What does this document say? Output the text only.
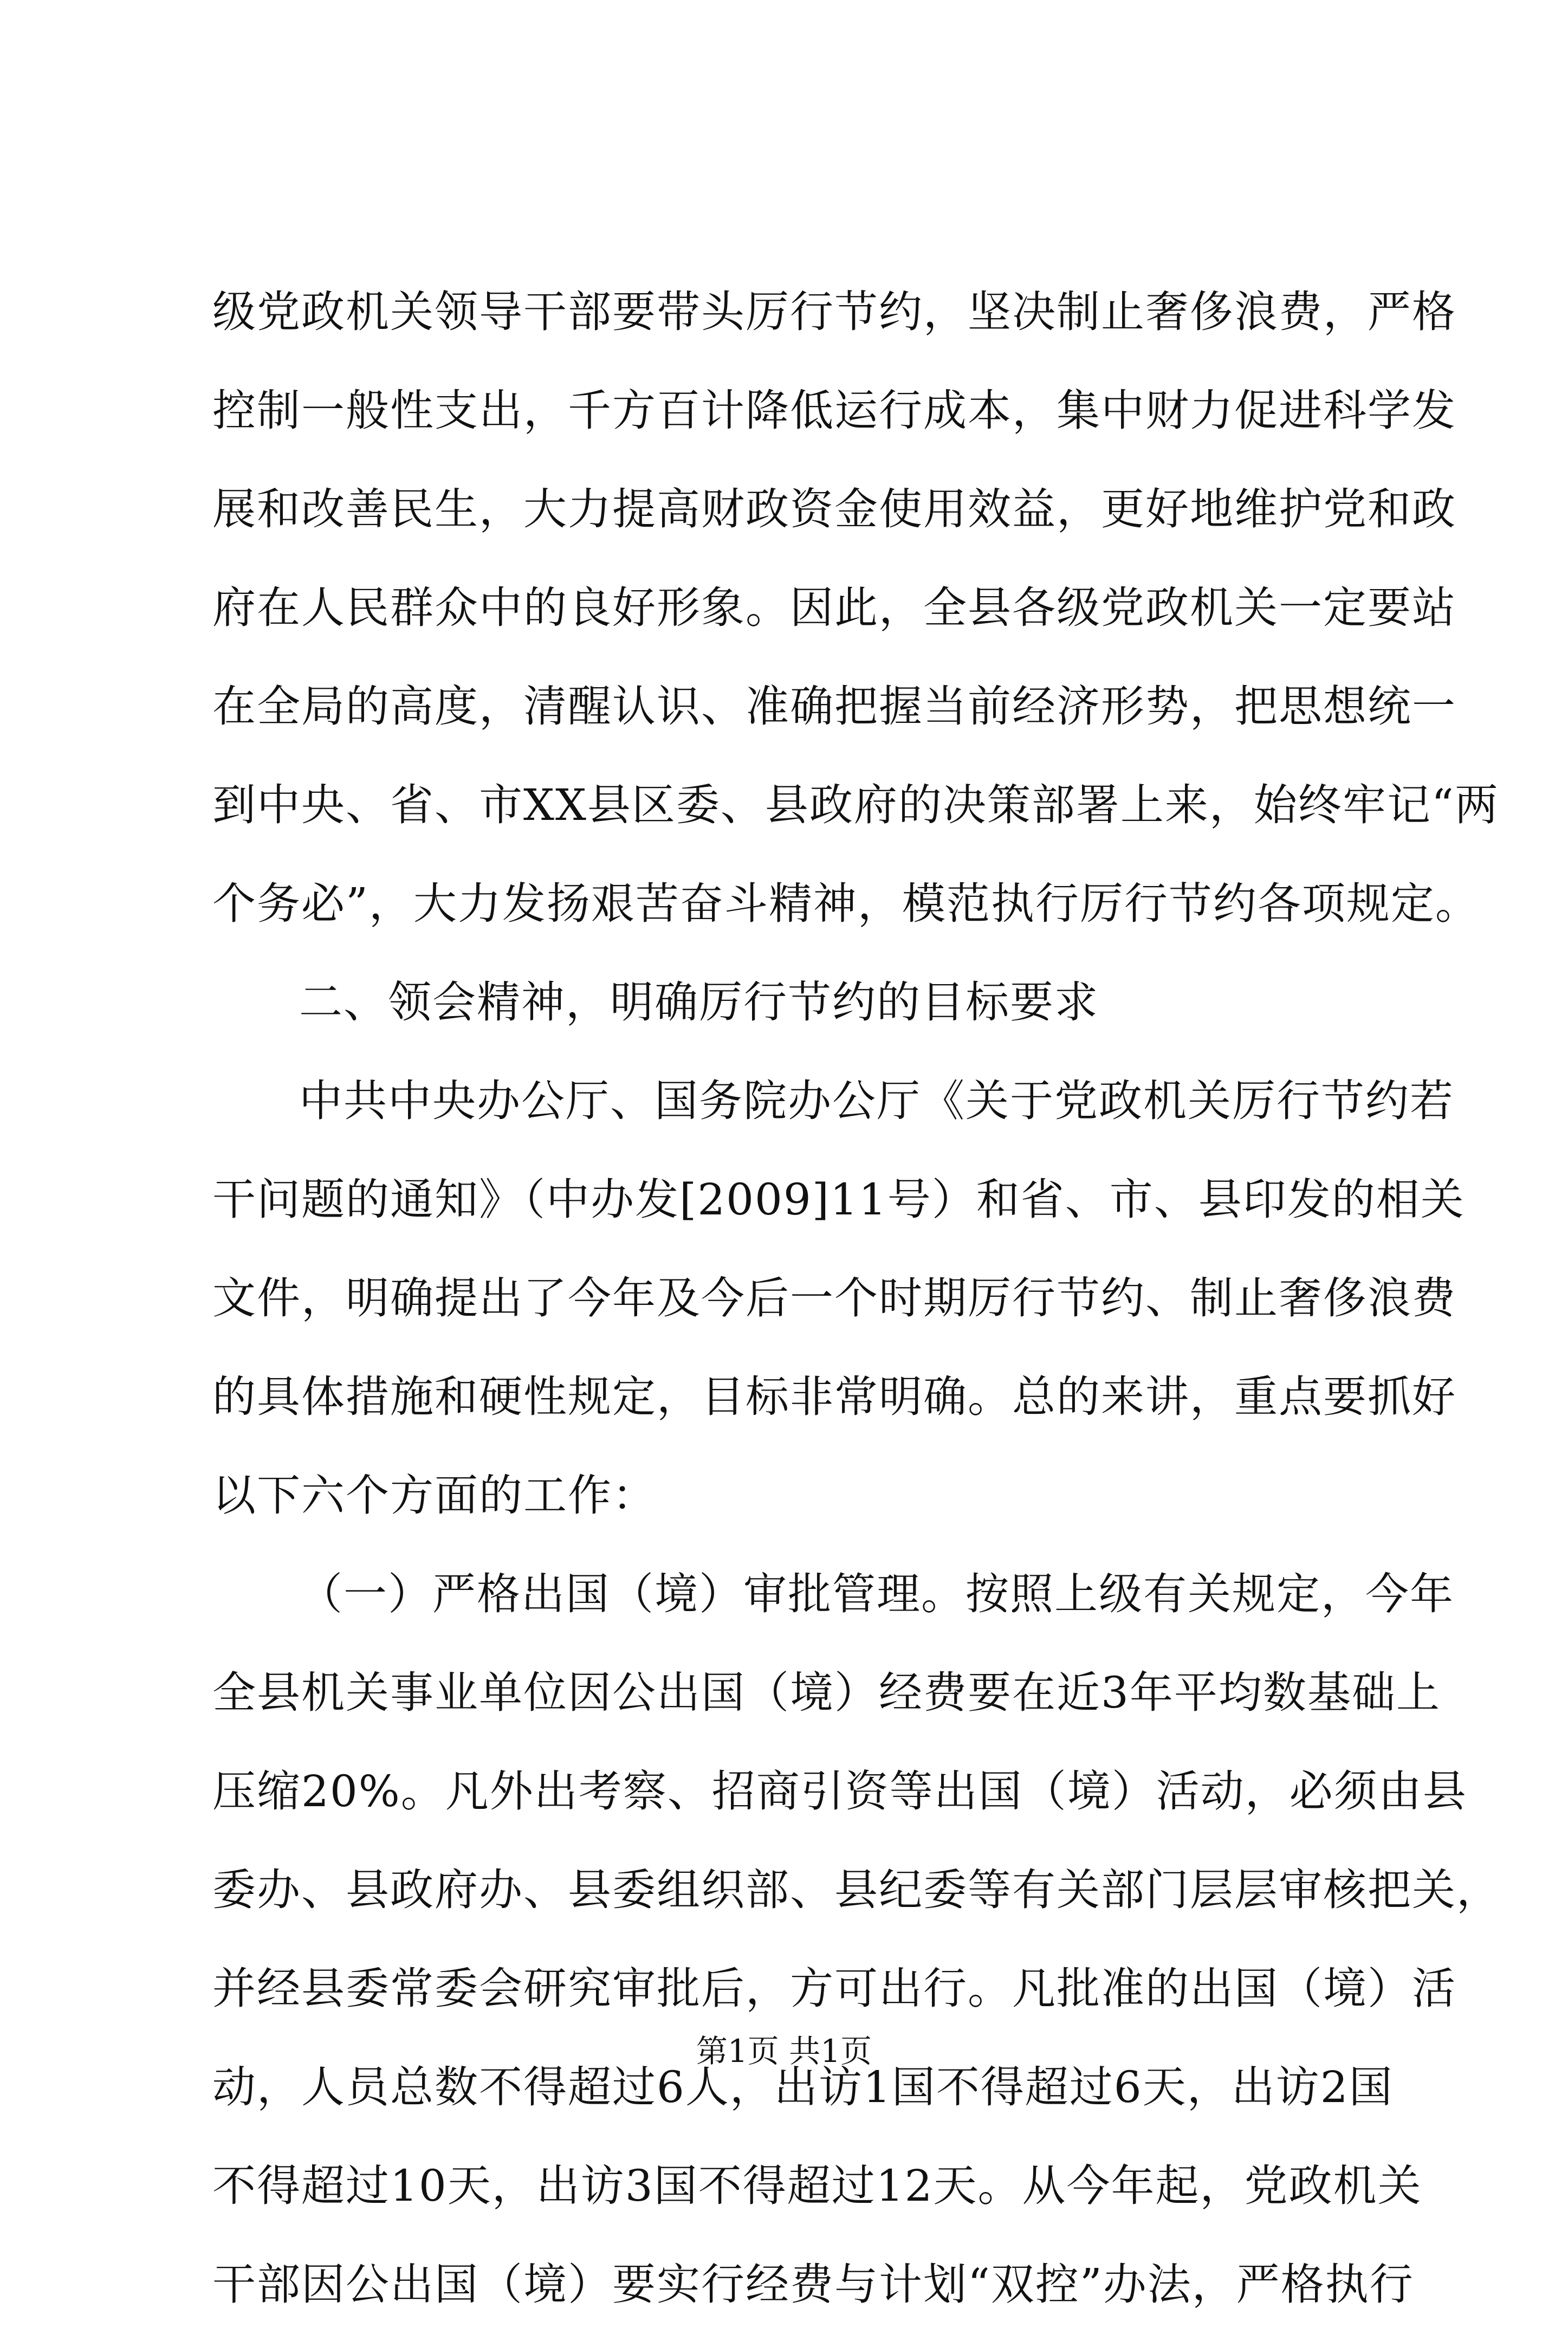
级党政机关领导干部要带头厉行节约，坚决制止奢侈浪费，严格
控制一般性支出，千方百计降低运行成本，集中财力促进科学发
展和改善民生，大力提高财政资金使用效益，更好地维护党和政
府在人民群众中的良好形象。因此，全县各级党政机关一定要站
在全局的高度，清醒认识、准确把握当前经济形势，把思想统一
到中央、省、市XX县区委、县政府的决策部署上来，始终牢记“两
个务必”，大力发扬艰苦奋斗精神，模范执行厉行节约各项规定。
二、领会精神，明确厉行节约的目标要求
中共中央办公厅、国务院办公厅《关于党政机关厉行节约若
干问题的通知》（中办发[2009]11号）和省、市、县印发的相关
文件，明确提出了今年及今后一个时期厉行节约、制止奢侈浪费
的具体措施和硬性规定，目标非常明确。总的来讲，重点要抓好
以下六个方面的工作：
（一）严格出国（境）审批管理。按照上级有关规定，今年
全县机关事业单位因公出国（境）经费要在近3年平均数基础上
压缩20%。凡外出考察、招商引资等出国（境）活动，必须由县
委办、县政府办、县委组织部、县纪委等有关部门层层审核把关，
并经县委常委会研究审批后，方可出行。凡批准的出国（境）活
动，人员总数不得超过6人，出访1国不得超过6天，出访2国
不得超过10天，出访3国不得超过12天。从今年起，党政机关
干部因公出国（境）要实行经费与计划“双控”办法，严格执行
第1页 共1页
